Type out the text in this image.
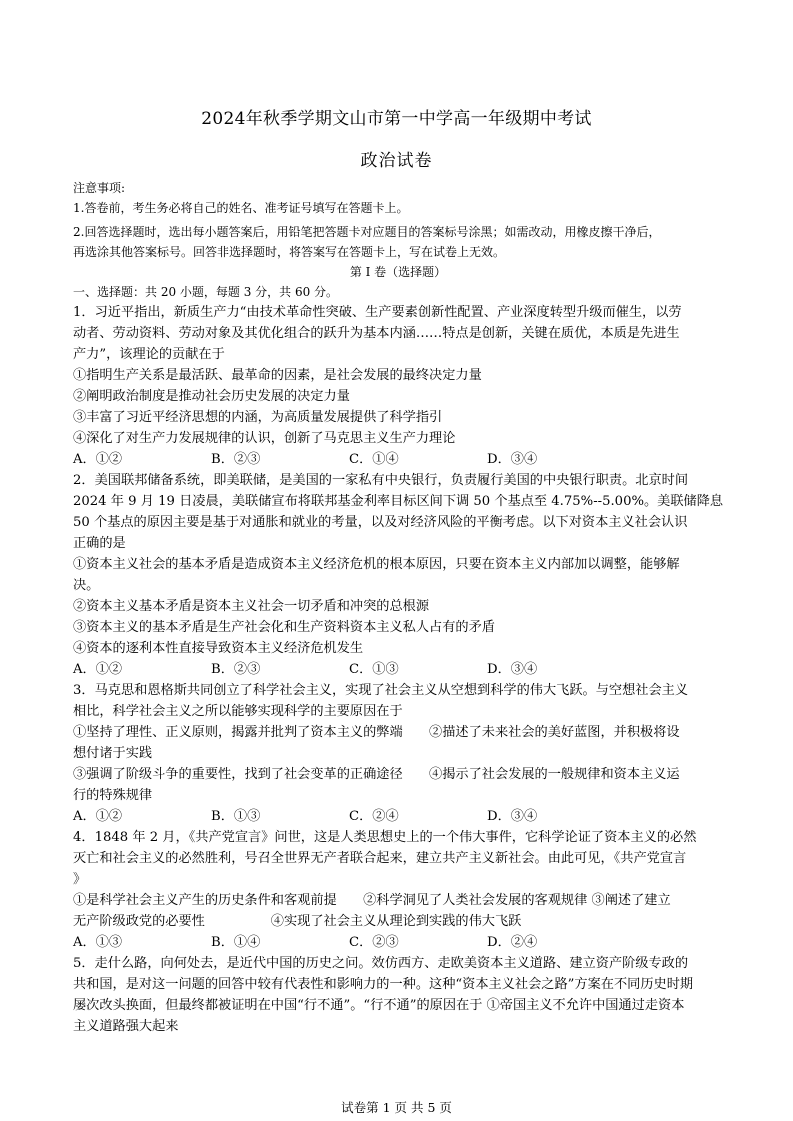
2024年秋季学期文山市第一中学高一年级期中考试
政治试卷
注意事项:
1.答卷前，考生务必将自己的姓名、准考证号填写在答题卡上。
2.回答选择题时，选出每小题答案后，用铅笔把答题卡对应题目的答案标号涂黑；如需改动，用橡皮擦干净后，
再选涂其他答案标号。回答非选择题时，将答案写在答题卡上，写在试卷上无效。
第 I 卷（选择题）
一、选择题：共 20 小题，每题 3 分，共 60 分。
1．习近平指出，新质生产力“由技术革命性突破、生产要素创新性配置、产业深度转型升级而催生，以劳
动者、劳动资料、劳动对象及其优化组合的跃升为基本内涵……特点是创新，关键在质优，本质是先进生
产力”，该理论的贡献在于
①指明生产关系是最活跃、最革命的因素，是社会发展的最终决定力量
②阐明政治制度是推动社会历史发展的决定力量
③丰富了习近平经济思想的内涵，为高质量发展提供了科学指引
④深化了对生产力发展规律的认识，创新了马克思主义生产力理论
A．①②	B．②③	C．①④	D．③④
2．美国联邦储备系统，即美联储，是美国的一家私有中央银行，负责履行美国的中央银行职责。北京时间
2024 年 9 月 19 日凌晨，美联储宣布将联邦基金利率目标区间下调 50 个基点至 4.75%--5.00%。美联储降息
50 个基点的原因主要是基于对通胀和就业的考量，以及对经济风险的平衡考虑。以下对资本主义社会认识
正确的是
①资本主义社会的基本矛盾是造成资本主义经济危机的根本原因，只要在资本主义内部加以调整，能够解
决。
②资本主义基本矛盾是资本主义社会一切矛盾和冲突的总根源
③资本主义的基本矛盾是生产社会化和生产资料资本主义私人占有的矛盾
④资本的逐利本性直接导致资本主义经济危机发生
A．①②	B．②③	C．①③	D．③④
3．马克思和恩格斯共同创立了科学社会主义，实现了社会主义从空想到科学的伟大飞跃。与空想社会主义
相比，科学社会主义之所以能够实现科学的主要原因在于
①坚持了理性、正义原则，揭露并批判了资本主义的弊端　　②描述了未来社会的美好蓝图，并积极将设
想付诸于实践
③强调了阶级斗争的重要性，找到了社会变革的正确途径　　④揭示了社会发展的一般规律和资本主义运
行的特殊规律
A．①②	B．①③	C．②④	D．③④
4．1848 年 2 月，《共产党宣言》问世，这是人类思想史上的一个伟大事件，它科学论证了资本主义的必然
灭亡和社会主义的必然胜利，号召全世界无产者联合起来，建立共产主义新社会。由此可见，《共产党宣言
》
①是科学社会主义产生的历史条件和客观前提　　②科学洞见了人类社会发展的客观规律 ③阐述了建立
无产阶级政党的必要性　　　　　④实现了社会主义从理论到实践的伟大飞跃
A．①③	B．①④	C．②③	D．②④
5．走什么路，向何处去，是近代中国的历史之问。效仿西方、走欧美资本主义道路、建立资产阶级专政的
共和国，是对这一问题的回答中较有代表性和影响力的一种。这种“资本主义社会之路”方案在不同历史时期
屡次改头换面，但最终都被证明在中国“行不通”。“行不通”的原因在于 ①帝国主义不允许中国通过走资本
主义道路强大起来
试卷第 1 页 共 5 页
